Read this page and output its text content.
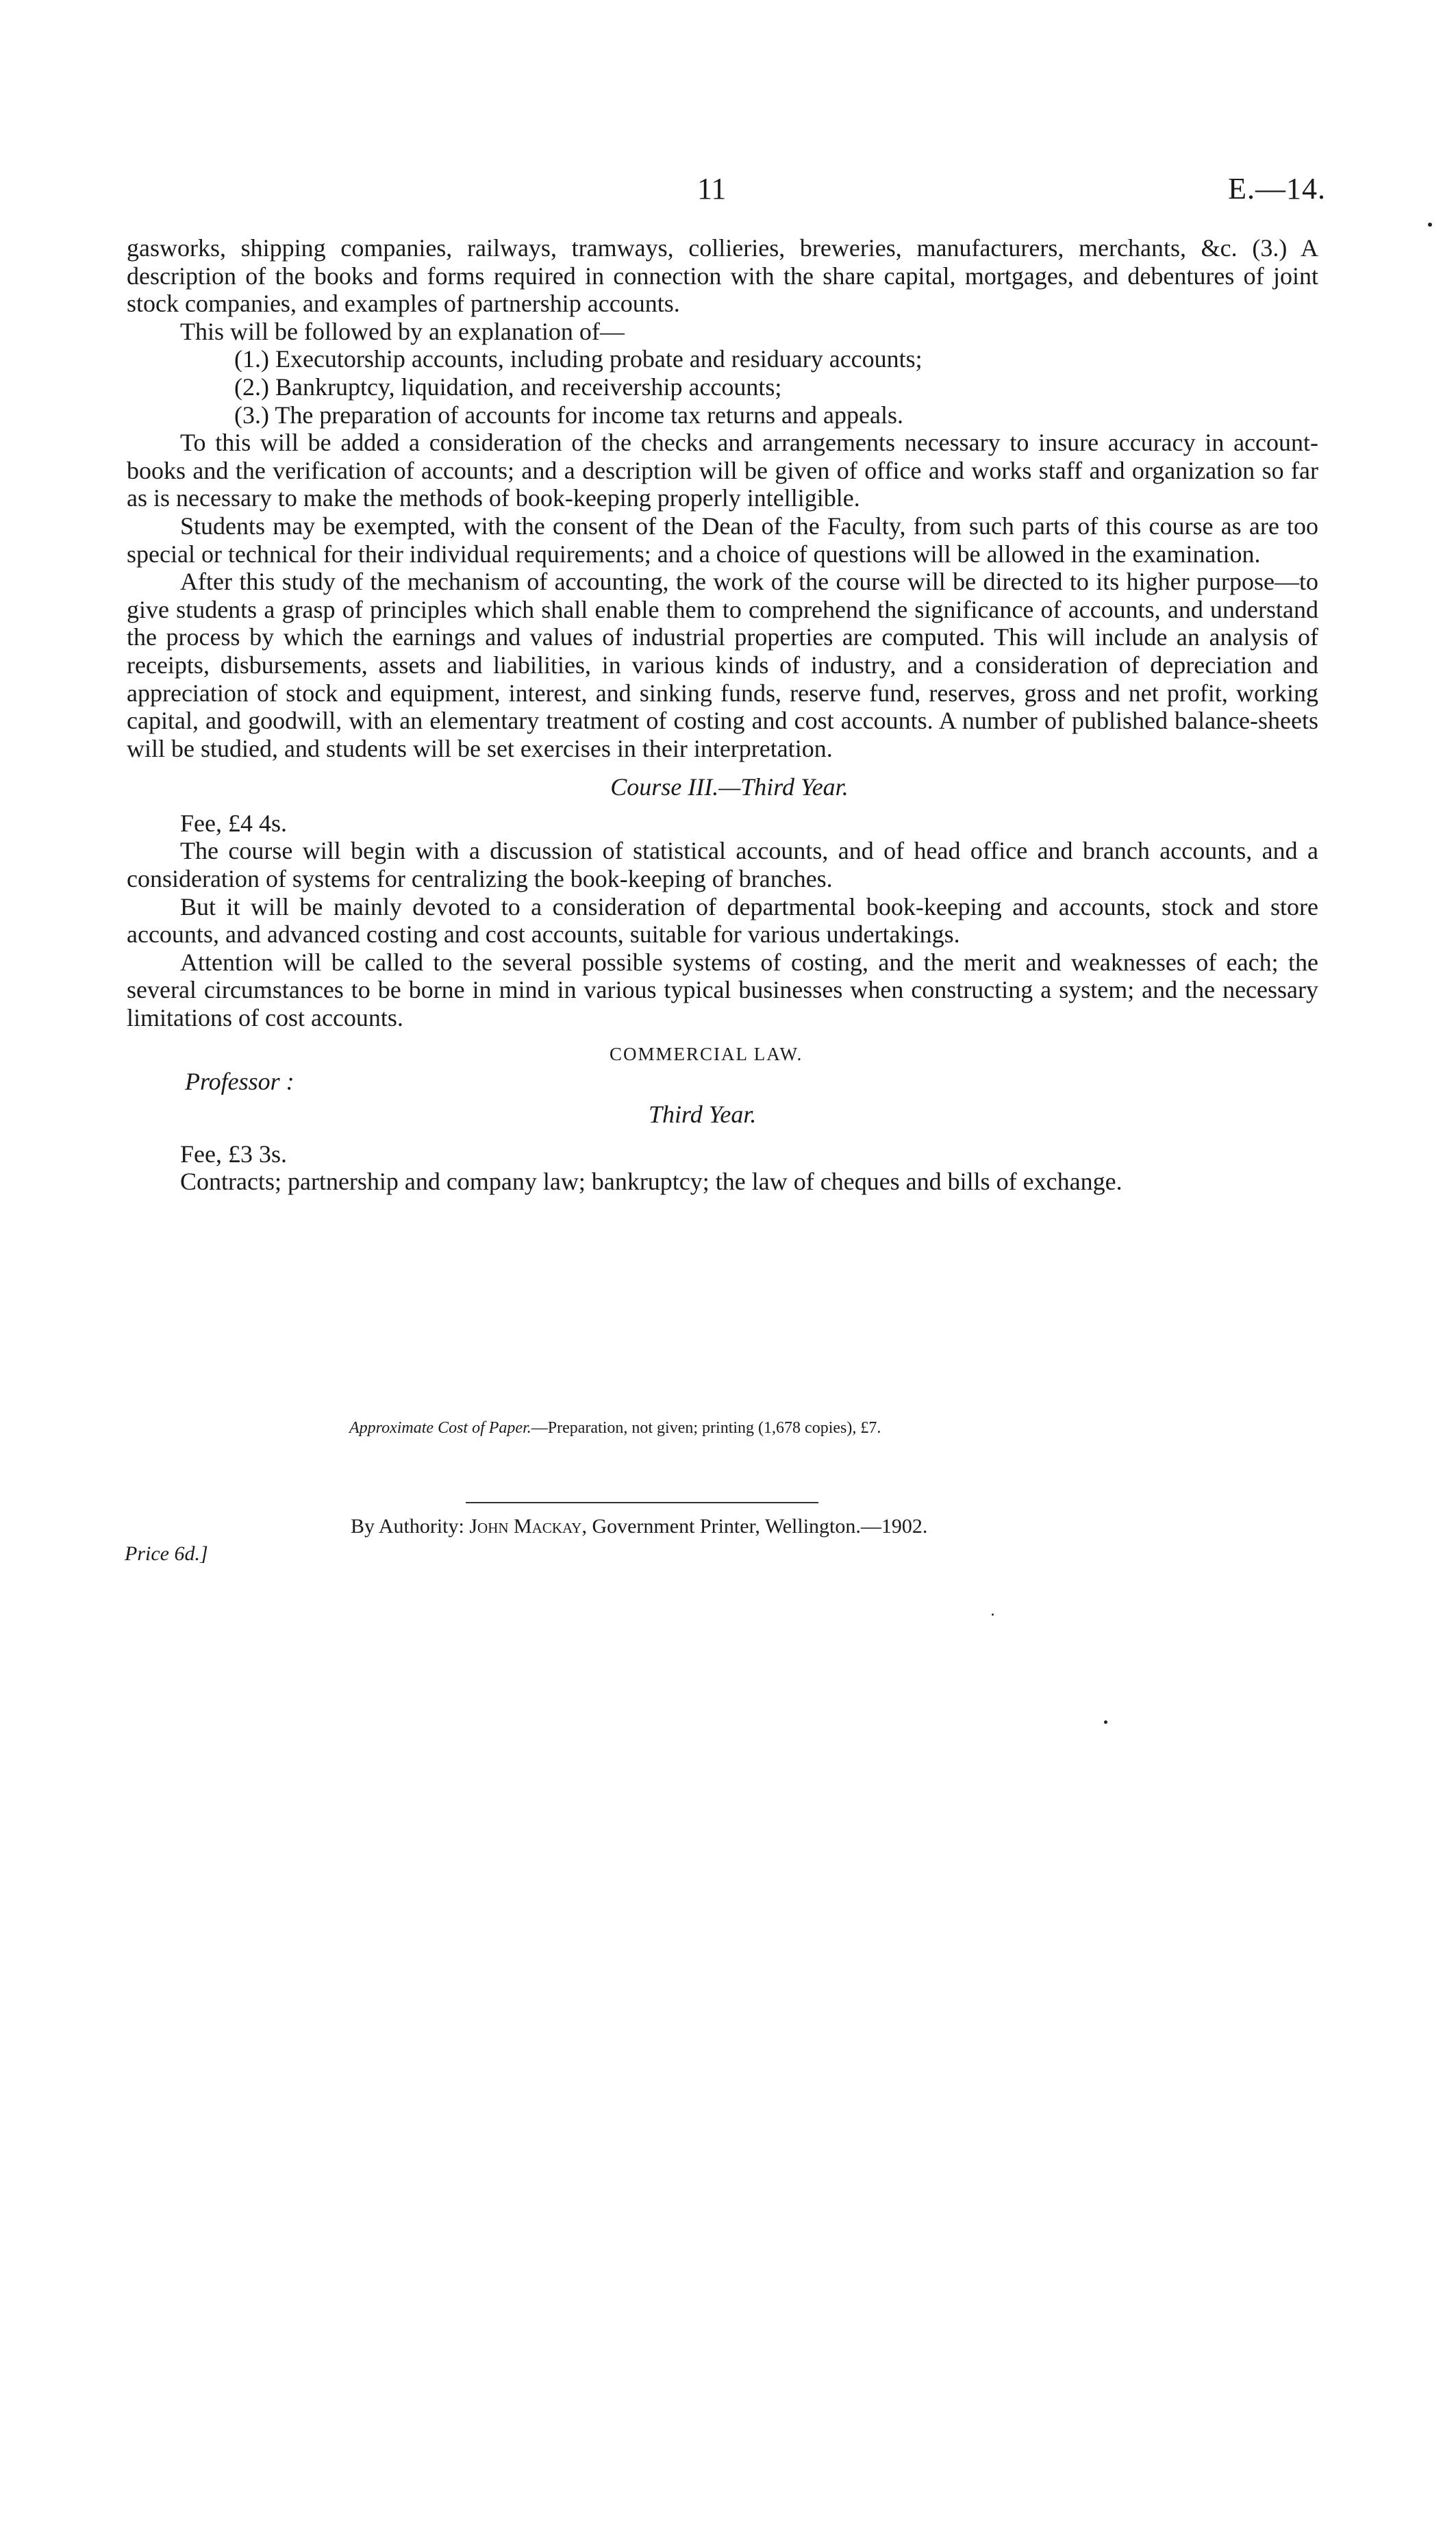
11	E.—14.

gasworks, shipping companies, railways, tramways, collieries, breweries, manufacturers, merchants, &c. (3.) A description of the books and forms required in connection with the share capital, mortgages, and debentures of joint stock companies, and examples of partnership accounts.

This will be followed by an explanation of—

(1.) Executorship accounts, including probate and residuary accounts;

(2.) Bankruptcy, liquidation, and receivership accounts;

(3.) The preparation of accounts for income tax returns and appeals.

To this will be added a consideration of the checks and arrangements necessary to insure accuracy in account-books and the verification of accounts; and a description will be given of office and works staff and organization so far as is necessary to make the methods of book-keeping properly intelligible.

Students may be exempted, with the consent of the Dean of the Faculty, from such parts of this course as are too special or technical for their individual requirements; and a choice of questions will be allowed in the examination.

After this study of the mechanism of accounting, the work of the course will be directed to its higher purpose—to give students a grasp of principles which shall enable them to comprehend the significance of accounts, and understand the process by which the earnings and values of industrial properties are computed. This will include an analysis of receipts, disbursements, assets and liabilities, in various kinds of industry, and a consideration of depreciation and appreciation of stock and equipment, interest, and sinking funds, reserve fund, reserves, gross and net profit, working capital, and goodwill, with an elementary treatment of costing and cost accounts. A number of published balance-sheets will be studied, and students will be set exercises in their interpretation.

Course III.—Third Year.

Fee, £4 4s.

The course will begin with a discussion of statistical accounts, and of head office and branch accounts, and a consideration of systems for centralizing the book-keeping of branches.

But it will be mainly devoted to a consideration of departmental book-keeping and accounts, stock and store accounts, and advanced costing and cost accounts, suitable for various undertakings.

Attention will be called to the several possible systems of costing, and the merit and weaknesses of each; the several circumstances to be borne in mind in various typical businesses when constructing a system; and the necessary limitations of cost accounts.

COMMERCIAL LAW.
Professor :
Third Year.

Fee, £3 3s.

Contracts; partnership and company law; bankruptcy; the law of cheques and bills of exchange.

Approximate Cost of Paper.—Preparation, not given; printing (1,678 copies), £7.
By Authority: John Mackay, Government Printer, Wellington.—1902.
Price 6d.]
